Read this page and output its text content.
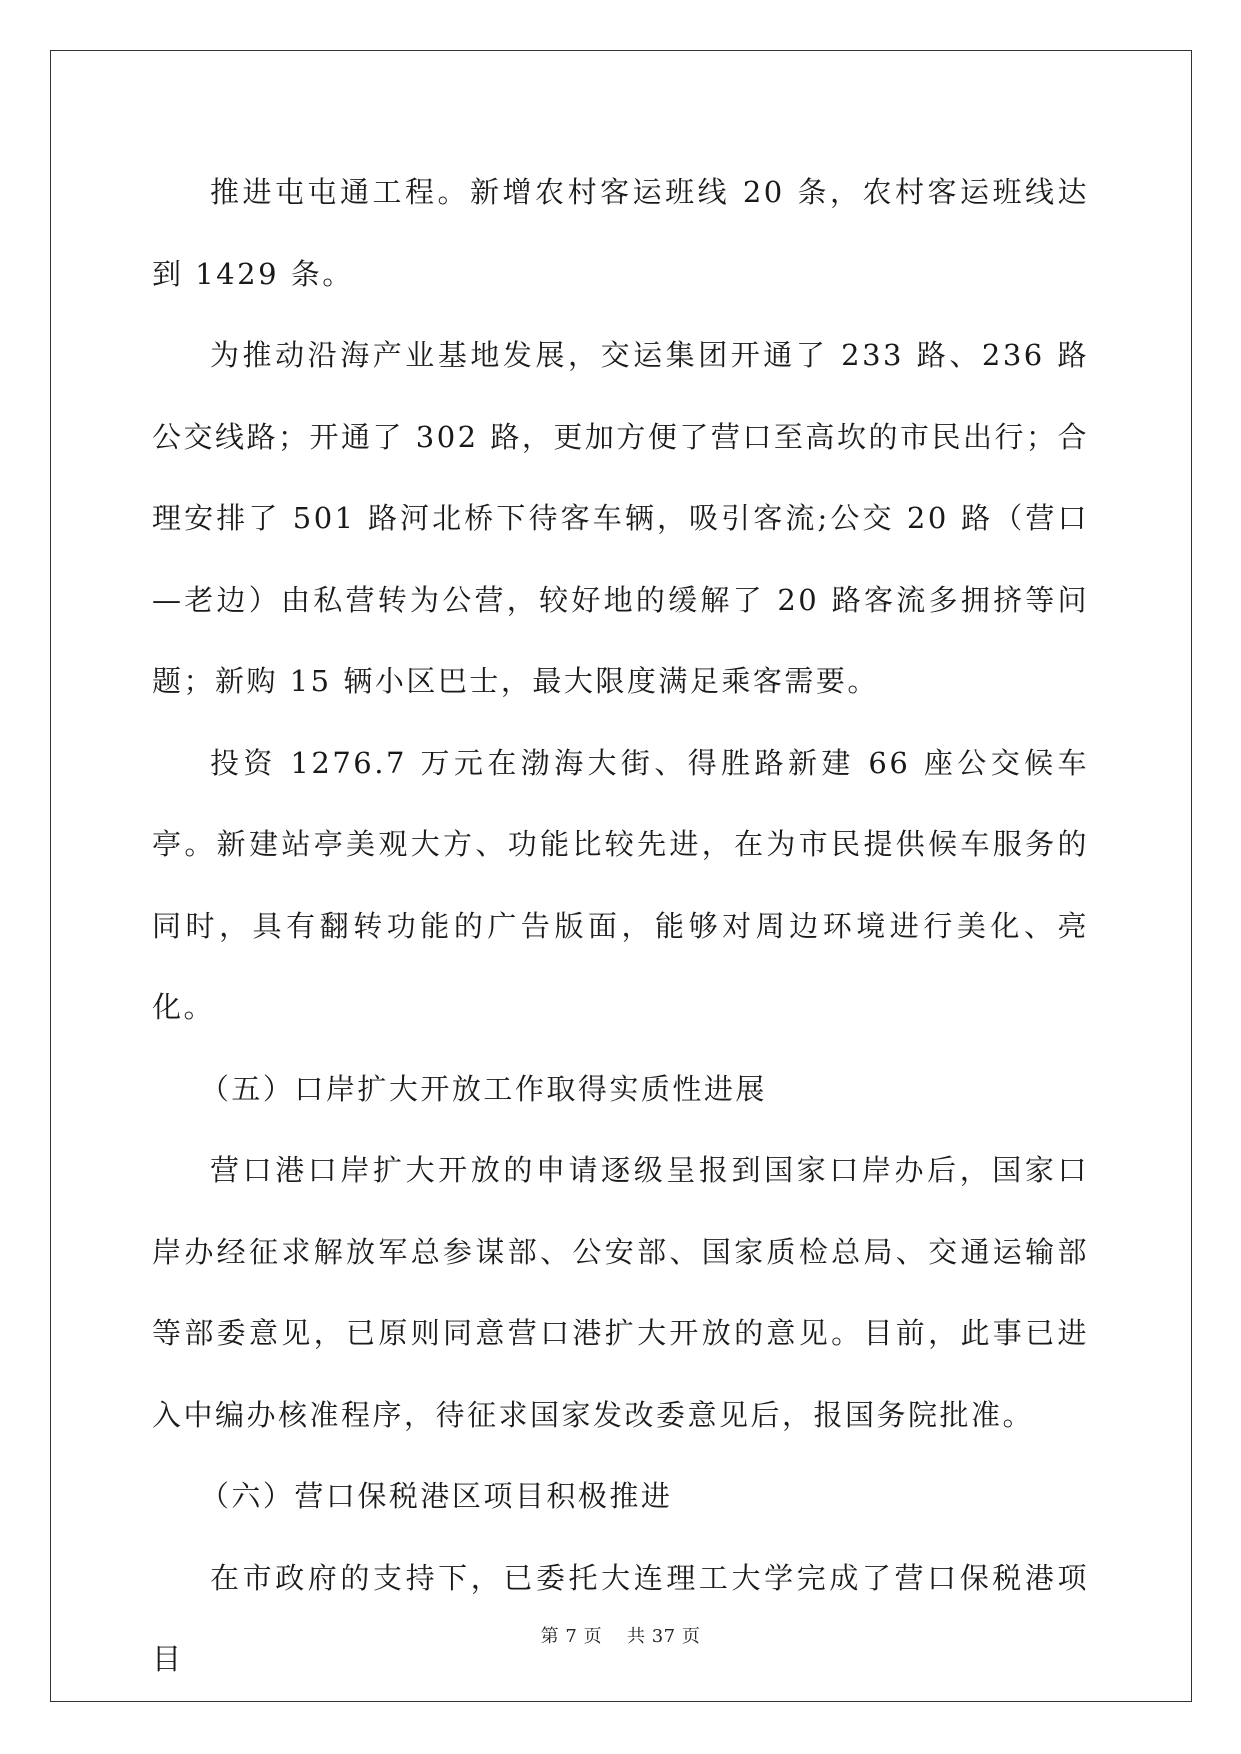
推进屯屯通工程。新增农村客运班线 20 条，农村客运班线达到 1429 条。

为推动沿海产业基地发展，交运集团开通了 233 路、236 路公交线路；开通了 302 路，更加方便了营口至高坎的市民出行；合理安排了 501 路河北桥下待客车辆，吸引客流;公交 20 路（营口—老边）由私营转为公营，较好地的缓解了 20 路客流多拥挤等问题；新购 15 辆小区巴士，最大限度满足乘客需要。

投资 1276.7 万元在渤海大街、得胜路新建 66 座公交候车亭。新建站亭美观大方、功能比较先进，在为市民提供候车服务的同时，具有翻转功能的广告版面，能够对周边环境进行美化、亮化。

（五）口岸扩大开放工作取得实质性进展

营口港口岸扩大开放的申请逐级呈报到国家口岸办后，国家口岸办经征求解放军总参谋部、公安部、国家质检总局、交通运输部等部委意见，已原则同意营口港扩大开放的意见。目前，此事已进入中编办核准程序，待征求国家发改委意见后，报国务院批准。

（六）营口保税港区项目积极推进

在市政府的支持下，已委托大连理工大学完成了营口保税港项目

第 7 页 共 37 页
